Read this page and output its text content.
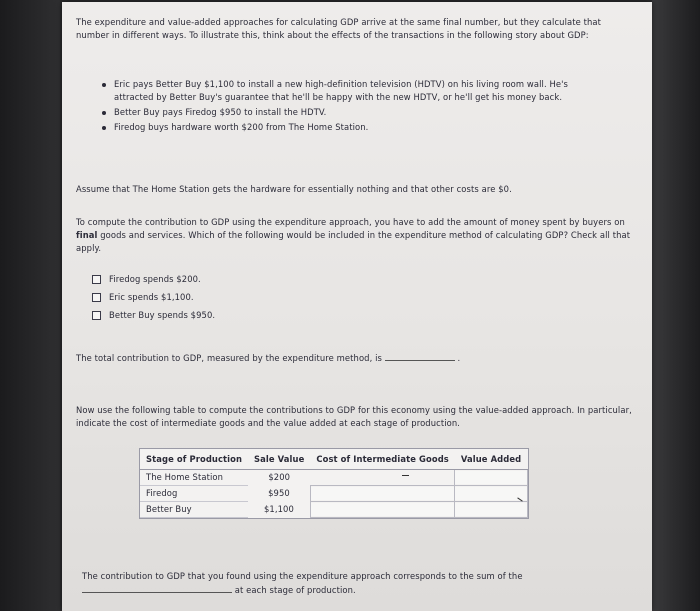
The expenditure and value-added approaches for calculating GDP arrive at the same final number, but they calculate that number in different ways. To illustrate this, think about the effects of the transactions in the following story about GDP:

Eric pays Better Buy $1,100 to install a new high-definition television (HDTV) on his living room wall. He's attracted by Better Buy's guarantee that he'll be happy with the new HDTV, or he'll get his money back.
Better Buy pays Firedog $950 to install the HDTV.
Firedog buys hardware worth $200 from The Home Station.

Assume that The Home Station gets the hardware for essentially nothing and that other costs are $0.

To compute the contribution to GDP using the expenditure approach, you have to add the amount of money spent by buyers on final goods and services. Which of the following would be included in the expenditure method of calculating GDP? Check all that apply.

Firedog spends $200.
Eric spends $1,100.
Better Buy spends $950.

The total contribution to GDP, measured by the expenditure method, is	.

Now use the following table to compute the contributions to GDP for this economy using the value-added approach. In particular, indicate the cost of intermediate goods and the value added at each stage of production.

Stage of Production	Sale Value	Cost of Intermediate Goods	Value Added
The Home Station	$200		

Firedog	$950	

Better Buy	$1,100	

The contribution to GDP that you found using the expenditure approach corresponds to the sum of the
at each stage of production.
